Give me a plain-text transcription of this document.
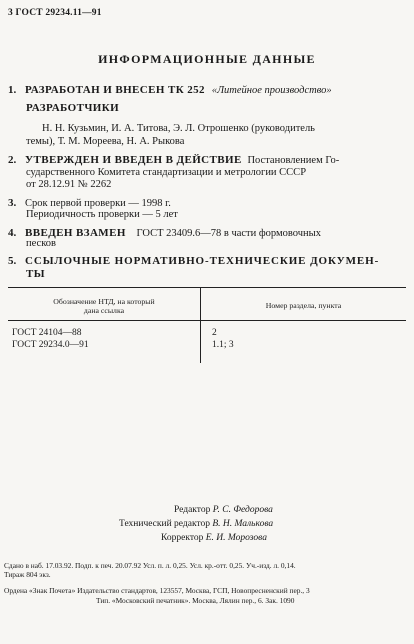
3 ГОСТ 29234.11—91
ИНФОРМАЦИОННЫЕ ДАННЫЕ
1. РАЗРАБОТАН И ВНЕСЕН ТК 252 «Литейное производство»
РАЗРАБОТЧИКИ
Н. Н. Кузьмин, И. А. Титова, Э. Л. Отрошенко (руководитель
темы), Т. М. Мореева, Н. А. Рыкова
2. УТВЕРЖДЕН И ВВЕДЕН В ДЕЙСТВИЕ Постановлением Го-
сударственного Комитета стандартизации и метрологии СССР
от 28.12.91 № 2262
3. Срок первой проверки — 1998 г.
Периодичность проверки — 5 лет
4. ВВЕДЕН ВЗАМЕН ГОСТ 23409.6—78 в части формовочных
песков
5. ССЫЛОЧНЫЕ НОРМАТИВНО-ТЕХНИЧЕСКИЕ ДОКУМЕН-
ТЫ
Обозначение НТД, на который
дана ссылка
Номер раздела, пункта
ГОСТ 24104—88	2
ГОСТ 29234.0—91	1.1; 3
Редактор Р. С. Федорова
Технический редактор В. Н. Малькова
Корректор Е. И. Морозова
Сдано в наб. 17.03.92. Подп. к печ. 20.07.92 Усл. п. л. 0,25. Усл. кр.-отт. 0,25. Уч.-изд. л. 0,14.
Тираж 804 экз.
Ордена «Знак Почета» Издательство стандартов, 123557, Москва, ГСП, Новопресненский пер., 3
Тип. «Московский печатник». Москва, Лялин пер., 6. Зак. 1090
